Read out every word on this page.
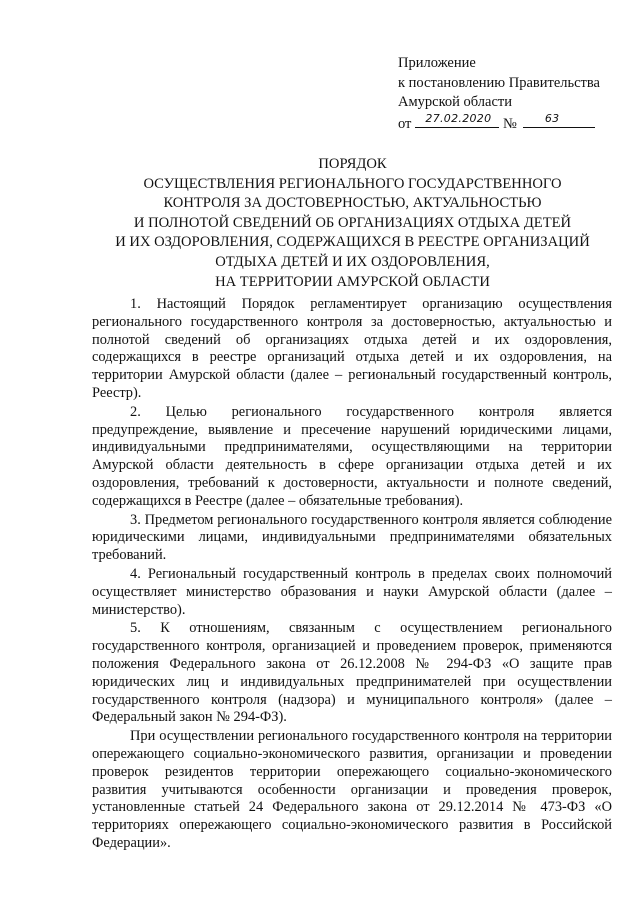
Приложение
к постановлению Правительства
Амурской области
от 27.02.2020 №	63
ПОРЯДОК
ОСУЩЕСТВЛЕНИЯ РЕГИОНАЛЬНОГО ГОСУДАРСТВЕННОГО
КОНТРОЛЯ ЗА ДОСТОВЕРНОСТЬЮ, АКТУАЛЬНОСТЬЮ
И ПОЛНОТОЙ СВЕДЕНИЙ ОБ ОРГАНИЗАЦИЯХ ОТДЫХА ДЕТЕЙ
И ИХ ОЗДОРОВЛЕНИЯ, СОДЕРЖАЩИХСЯ В РЕЕСТРЕ ОРГАНИЗАЦИЙ
ОТДЫХА ДЕТЕЙ И ИХ ОЗДОРОВЛЕНИЯ,
НА ТЕРРИТОРИИ АМУРСКОЙ ОБЛАСТИ

1. Настоящий Порядок регламентирует организацию осуществления регионального государственного контроля за достоверностью, актуальностью и полнотой сведений об организациях отдыха детей и их оздоровления, содержащихся в реестре организаций отдыха детей и их оздоровления, на территории Амурской области (далее – региональный государственный контроль, Реестр).

2. Целью регионального государственного контроля является предупреждение, выявление и пресечение нарушений юридическими лицами, индивидуальными предпринимателями, осуществляющими на территории Амурской области деятельность в сфере организации отдыха детей и их оздоровления, требований к достоверности, актуальности и полноте сведений, содержащихся в Реестре (далее – обязательные требования).

3. Предметом регионального государственного контроля является соблюдение юридическими лицами, индивидуальными предпринимателями обязательных требований.

4. Региональный государственный контроль в пределах своих полномочий осуществляет министерство образования и науки Амурской области (далее – министерство).

5. К отношениям, связанным с осуществлением регионального государственного контроля, организацией и проведением проверок, применяются положения Федерального закона от 26.12.2008 № 294-ФЗ «О защите прав юридических лиц и индивидуальных предпринимателей при осуществлении государственного контроля (надзора) и муниципального контроля» (далее – Федеральный закон № 294-ФЗ).

При осуществлении регионального государственного контроля на территории опережающего социально-экономического развития, организации и проведении проверок резидентов территории опережающего социально-экономического развития учитываются особенности организации и проведения проверок, установленные статьей 24 Федерального закона от 29.12.2014 № 473-ФЗ «О территориях опережающего социально-экономического развития в Российской Федерации».
